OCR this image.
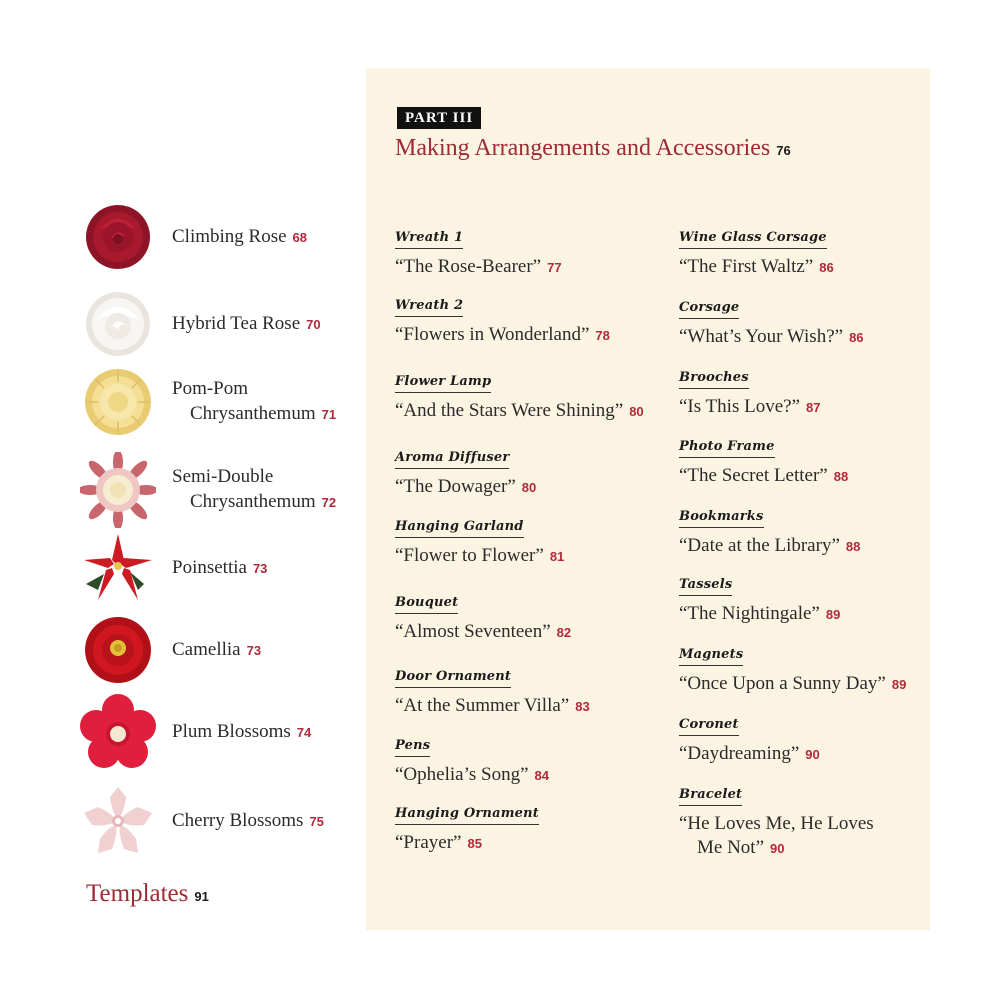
PART III
Making Arrangements and Accessories 76
Climbing Rose 68
Hybrid Tea Rose 70
Pom-Pom
Chrysanthemum 71
Semi-Double
Chrysanthemum 72
Poinsettia 73
Camellia 73
Plum Blossoms 74
Cherry Blossoms 75
Templates 91
Wreath 1
“The Rose-Bearer” 77
Wreath 2
“Flowers in Wonderland” 78
Flower Lamp
“And the Stars Were Shining” 80
Aroma Diffuser
“The Dowager” 80
Hanging Garland
“Flower to Flower” 81
Bouquet
“Almost Seventeen” 82
Door Ornament
“At the Summer Villa” 83
Pens
“Ophelia’s Song” 84
Hanging Ornament
“Prayer” 85
Wine Glass Corsage
“The First Waltz” 86
Corsage
“What’s Your Wish?” 86
Brooches
“Is This Love?” 87
Photo Frame
“The Secret Letter” 88
Bookmarks
“Date at the Library” 88
Tassels
“The Nightingale” 89
Magnets
“Once Upon a Sunny Day” 89
Coronet
“Daydreaming” 90
Bracelet
“He Loves Me, He Loves
Me Not” 90
